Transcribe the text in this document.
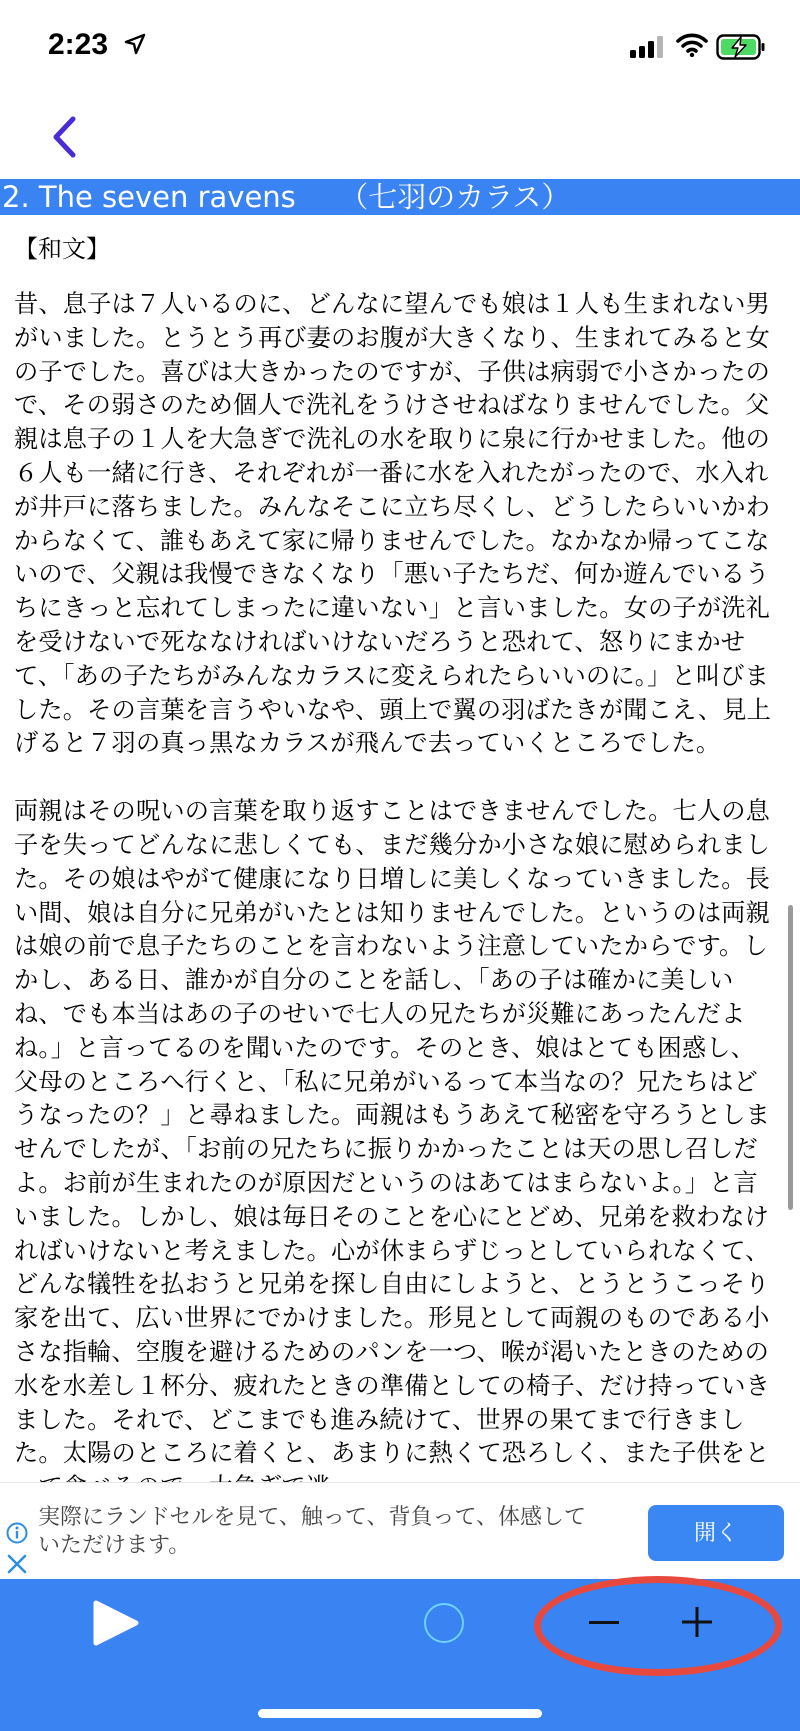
2:23
2. The seven ravens　　（七羽のカラス）
【和文】

昔、息子は７人いるのに、どんなに望んでも娘は１人も生まれない男がいました。とうとう再び妻のお腹が大きくなり、生まれてみると女の子でした。喜びは大きかったのですが、子供は病弱で小さかったので、その弱さのため個人で洗礼をうけさせねばなりませんでした。父親は息子の１人を大急ぎで洗礼の水を取りに泉に行かせました。他の６人も一緒に行き、それぞれが一番に水を入れたがったので、水入れが井戸に落ちました。みんなそこに立ち尽くし、どうしたらいいかわからなくて、誰もあえて家に帰りませんでした。なかなか帰ってこないので、父親は我慢できなくなり「悪い子たちだ、何か遊んでいるうちにきっと忘れてしまったに違いない」と言いました。女の子が洗礼を受けないで死ななければいけないだろうと恐れて、怒りにまかせて、「あの子たちがみんなカラスに変えられたらいいのに。」と叫びました。その言葉を言うやいなや、頭上で翼の羽ばたきが聞こえ、見上げると７羽の真っ黒なカラスが飛んで去っていくところでした。

両親はその呪いの言葉を取り返すことはできませんでした。七人の息子を失ってどんなに悲しくても、まだ幾分か小さな娘に慰められました。その娘はやがて健康になり日増しに美しくなっていきました。長い間、娘は自分に兄弟がいたとは知りませんでした。というのは両親は娘の前で息子たちのことを言わないよう注意していたからです。しかし、ある日、誰かが自分のことを話し、「あの子は確かに美しいね、でも本当はあの子のせいで七人の兄たちが災難にあったんだよね。」と言ってるのを聞いたのです。そのとき、娘はとても困惑し、父母のところへ行くと、「私に兄弟がいるって本当なの？兄たちはどうなったの？」と尋ねました。両親はもうあえて秘密を守ろうとしませんでしたが、「お前の兄たちに振りかかったことは天の思し召しだよ。お前が生まれたのが原因だというのはあてはまらないよ。」と言いました。しかし、娘は毎日そのことを心にとどめ、兄弟を救わなければいけないと考えました。心が休まらずじっとしていられなくて、どんな犠牲を払おうと兄弟を探し自由にしようと、とうとうこっそり家を出て、広い世界にでかけました。形見として両親のものである小さな指輪、空腹を避けるためのパンを一つ、喉が渇いたときのための水を水差し１杯分、疲れたときの準備としての椅子、だけ持っていきました。それで、どこまでも進み続けて、世界の果てまで行きました。太陽のところに着くと、あまりに熱くて恐ろしく、また子供をと

実際にランドセルを見て、触って、背負って、体感していただけます。	開く
